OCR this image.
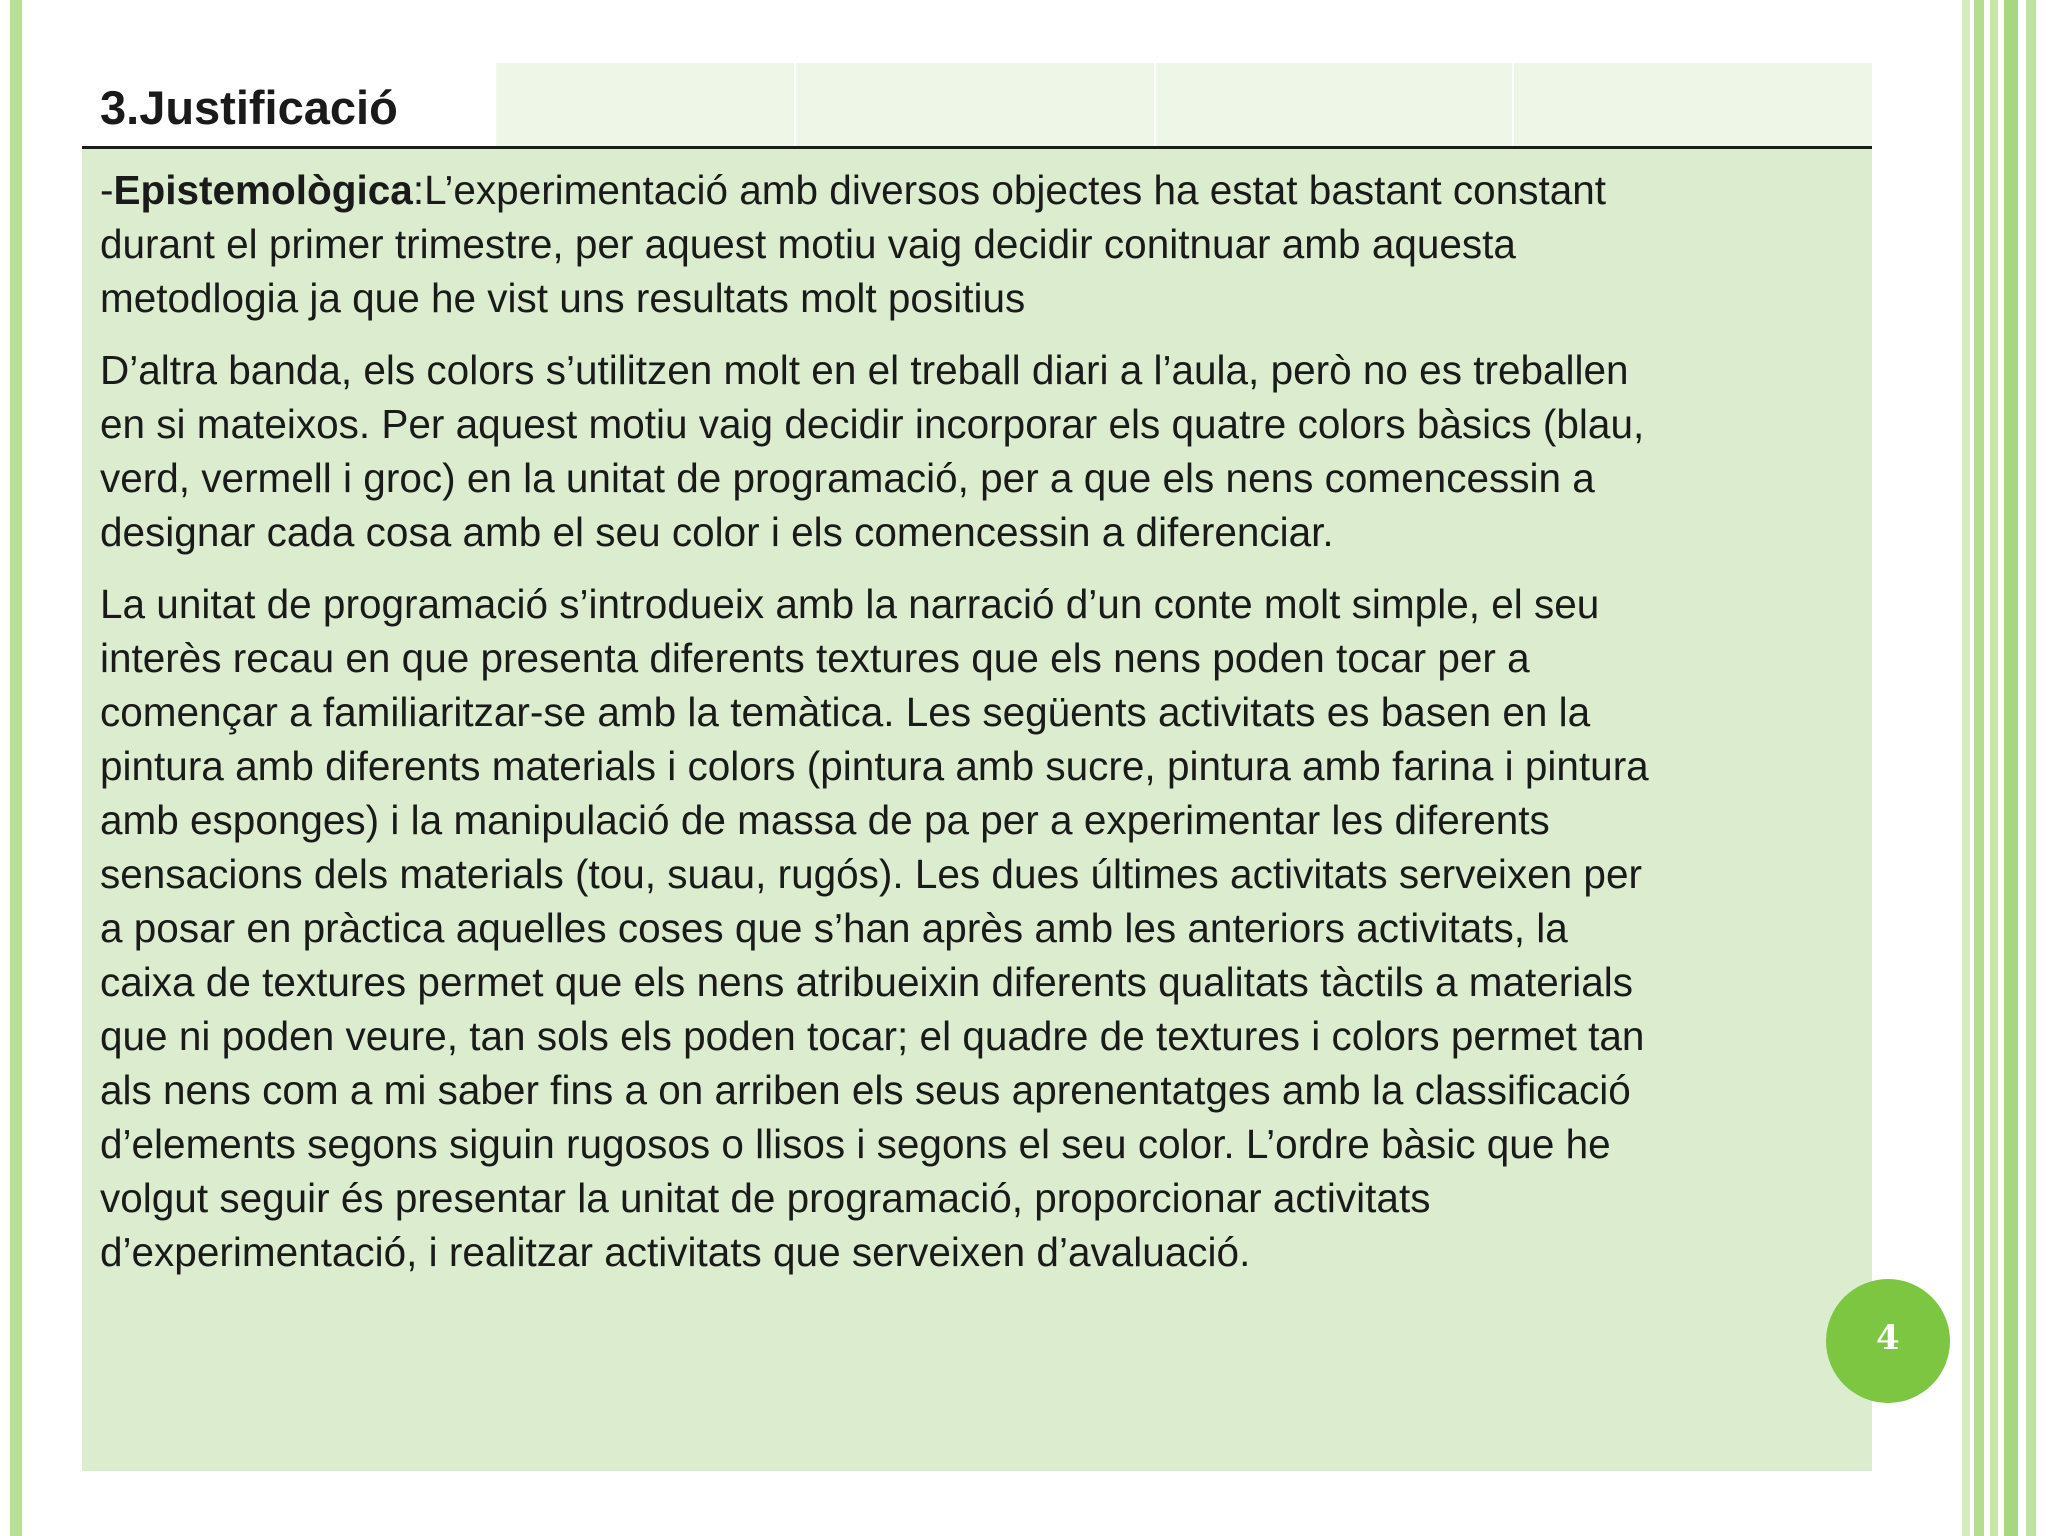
3.Justificació

-Epistemològica:L’experimentació amb diversos objectes ha estat bastant constant
durant el primer trimestre, per aquest motiu vaig decidir conitnuar amb aquesta
metodlogia ja que he vist uns resultats molt positius

D’altra banda, els colors s’utilitzen molt en el treball diari a l’aula, però no es treballen
en si mateixos. Per aquest motiu vaig decidir incorporar els quatre colors bàsics (blau,
verd, vermell i groc) en la unitat de programació, per a que els nens comencessin a
designar cada cosa amb el seu color i els comencessin a diferenciar.

La unitat de programació s’introdueix amb la narració d’un conte molt simple, el seu
interès recau en que presenta diferents textures que els nens poden tocar per a
començar a familiaritzar-se amb la temàtica. Les següents activitats es basen en la
pintura amb diferents materials i colors (pintura amb sucre, pintura amb farina i pintura
amb esponges) i la manipulació de massa de pa per a experimentar les diferents
sensacions dels materials (tou, suau, rugós). Les dues últimes activitats serveixen per
a posar en pràctica aquelles coses que s’han après amb les anteriors activitats, la
caixa de textures permet que els nens atribueixin diferents qualitats tàctils a materials
que ni poden veure, tan sols els poden tocar; el quadre de textures i colors permet tan
als nens com a mi saber fins a on arriben els seus aprenentatges amb la classificació
d’elements segons siguin rugosos o llisos i segons el seu color. L’ordre bàsic que he
volgut seguir és presentar la unitat de programació, proporcionar activitats
d’experimentació, i realitzar activitats que serveixen d’avaluació.

4
